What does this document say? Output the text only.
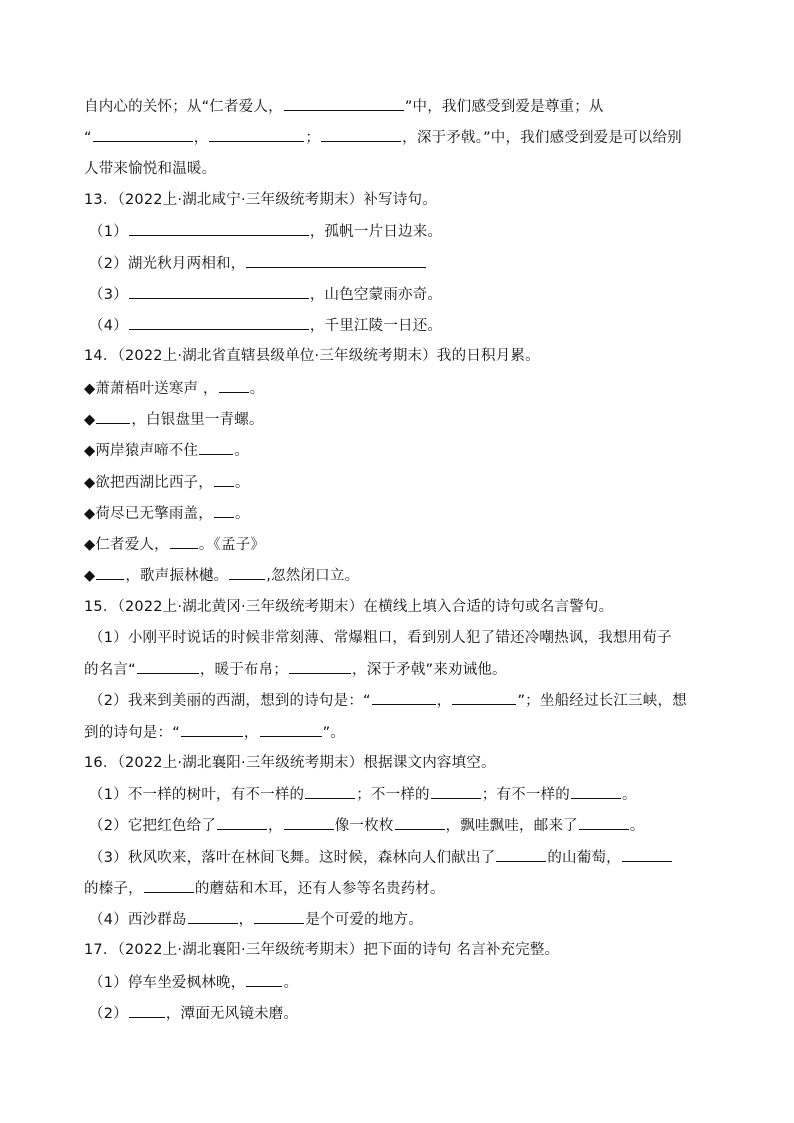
自内心的关怀；从“仁者爱人，	”中，我们感受到爱是尊重；从
“	，	；	，深于矛戟。”中，我们感受到爱是可以给别
人带来愉悦和温暖。
13．（2022上·湖北咸宁·三年级统考期末）补写诗句。
（1）	，孤帆一片日边来。
（2）湖光秋月两相和，
（3）	，山色空蒙雨亦奇。
（4）	，千里江陵一日还。
14．（2022上·湖北省直辖县级单位·三年级统考期末）我的日积月累。
◆萧萧梧叶送寒声 ， 。
◆ ，白银盘里一青螺。
◆两岸猿声啼不住 。
◆欲把西湖比西子， 。
◆荷尽已无擎雨盖， 。
◆仁者爱人， 。《孟子》
◆ ，歌声振林樾。	,忽然闭口立。
15．（2022上·湖北黄冈·三年级统考期末）在横线上填入合适的诗句或名言警句。
（1）小刚平时说话的时候非常刻薄、常爆粗口，看到别人犯了错还冷嘲热讽，我想用荀子
的名言“	，暖于布帛；	，深于矛戟”来劝诫他。
（2）我来到美丽的西湖，想到的诗句是：“	，	”；坐船经过长江三峡，想
到的诗句是：“	，	”。
16．（2022上·湖北襄阳·三年级统考期末）根据课文内容填空。
（1）不一样的树叶，有不一样的	；不一样的	；有不一样的	。
（2）它把红色给了	，	像一枚枚	，飘哇飘哇，邮来了	。
（3）秋风吹来，落叶在林间飞舞。这时候，森林向人们献出了	的山葡萄，
的榛子，	的蘑菇和木耳，还有人参等名贵药材。
（4）西沙群岛	，	是个可爱的地方。
17．（2022上·湖北襄阳·三年级统考期末）把下面的诗句 名言补充完整。
（1）停车坐爱枫林晚，	。
（2）	，潭面无风镜未磨。
